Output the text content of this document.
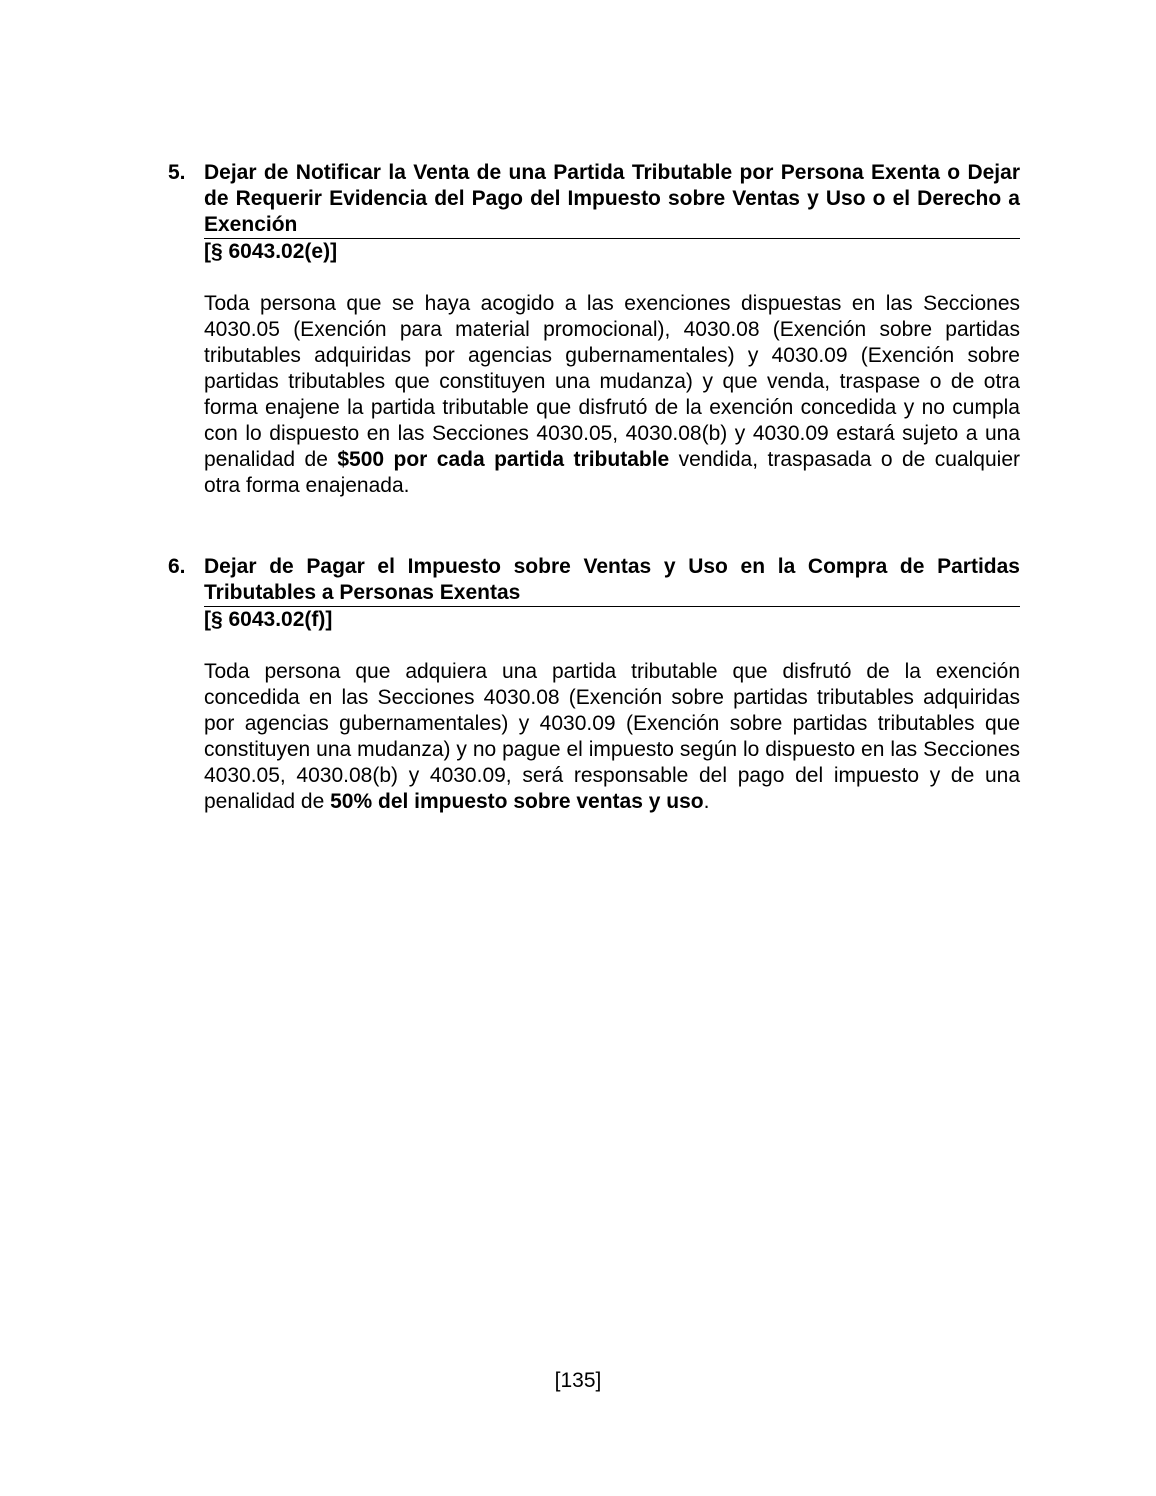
5. Dejar de Notificar la Venta de una Partida Tributable por Persona Exenta o Dejar de Requerir Evidencia del Pago del Impuesto sobre Ventas y Uso o el Derecho a Exención
[§ 6043.02(e)]
Toda persona que se haya acogido a las exenciones dispuestas en las Secciones 4030.05 (Exención para material promocional), 4030.08 (Exención sobre partidas tributables adquiridas por agencias gubernamentales) y 4030.09 (Exención sobre partidas tributables que constituyen una mudanza) y que venda, traspase o de otra forma enajene la partida tributable que disfrutó de la exención concedida y no cumpla con lo dispuesto en las Secciones 4030.05, 4030.08(b) y 4030.09 estará sujeto a una penalidad de $500 por cada partida tributable vendida, traspasada o de cualquier otra forma enajenada.
6. Dejar de Pagar el Impuesto sobre Ventas y Uso en la Compra de Partidas Tributables a Personas Exentas
[§ 6043.02(f)]
Toda persona que adquiera una partida tributable que disfrutó de la exención concedida en las Secciones 4030.08 (Exención sobre partidas tributables adquiridas por agencias gubernamentales) y 4030.09 (Exención sobre partidas tributables que constituyen una mudanza) y no pague el impuesto según lo dispuesto en las Secciones 4030.05, 4030.08(b) y 4030.09, será responsable del pago del impuesto y de una penalidad de 50% del impuesto sobre ventas y uso.
[135]
